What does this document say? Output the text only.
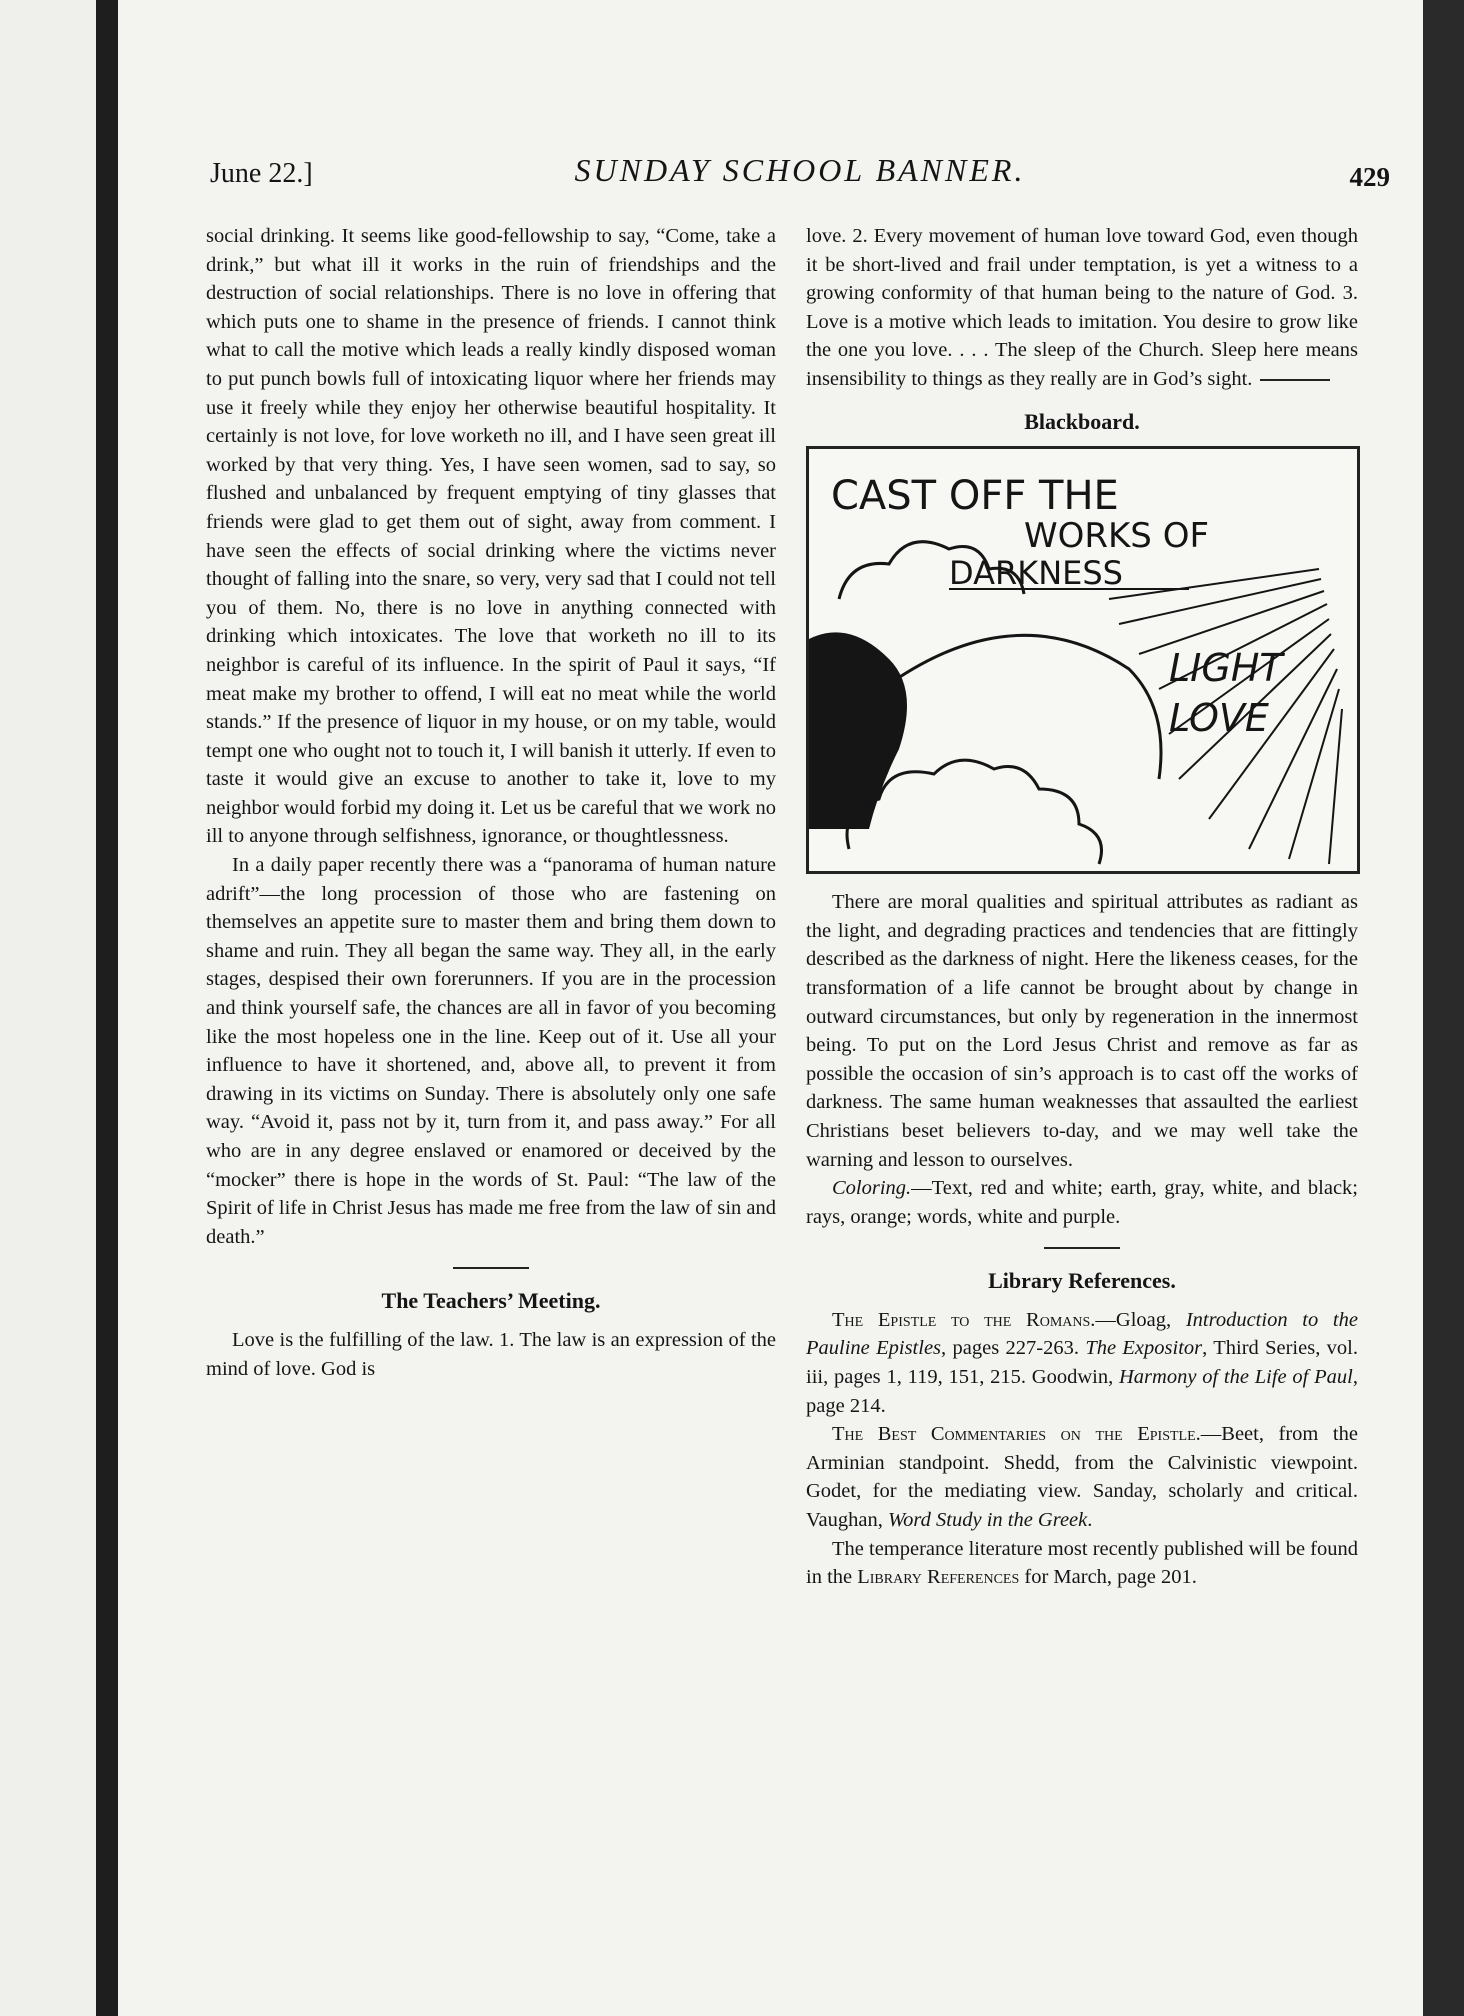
June 22.]	SUNDAY SCHOOL BANNER.	429

social drinking. It seems like good-fellowship to say, “Come, take a drink,” but what ill it works in the ruin of friendships and the destruction of social relationships. There is no love in offering that which puts one to shame in the presence of friends. I cannot think what to call the motive which leads a really kindly disposed woman to put punch bowls full of intoxicating liquor where her friends may use it freely while they enjoy her otherwise beautiful hospitality. It certainly is not love, for love worketh no ill, and I have seen great ill worked by that very thing. Yes, I have seen women, sad to say, so flushed and unbalanced by frequent emptying of tiny glasses that friends were glad to get them out of sight, away from comment. I have seen the effects of social drinking where the victims never thought of falling into the snare, so very, very sad that I could not tell you of them. No, there is no love in anything connected with drinking which intoxicates. The love that worketh no ill to its neighbor is careful of its influence. In the spirit of Paul it says, “If meat make my brother to offend, I will eat no meat while the world stands.” If the presence of liquor in my house, or on my table, would tempt one who ought not to touch it, I will banish it utterly. If even to taste it would give an excuse to another to take it, love to my neighbor would forbid my doing it. Let us be careful that we work no ill to anyone through selfishness, ignorance, or thoughtlessness.

In a daily paper recently there was a “panorama of human nature adrift”—the long procession of those who are fastening on themselves an appetite sure to master them and bring them down to shame and ruin. They all began the same way. They all, in the early stages, despised their own forerunners. If you are in the procession and think yourself safe, the chances are all in favor of you becoming like the most hopeless one in the line. Keep out of it. Use all your influence to have it shortened, and, above all, to prevent it from drawing in its victims on Sunday. There is absolutely only one safe way. “Avoid it, pass not by it, turn from it, and pass away.” For all who are in any degree enslaved or enamored or deceived by the “mocker” there is hope in the words of St. Paul: “The law of the Spirit of life in Christ Jesus has made me free from the law of sin and death.”

The Teachers’ Meeting.

Love is the fulfilling of the law. 1. The law is an expression of the mind of love. God is

love. 2. Every movement of human love toward God, even though it be short-lived and frail under temptation, is yet a witness to a growing conformity of that human being to the nature of God. 3. Love is a motive which leads to imitation. You desire to grow like the one you love. . . . The sleep of the Church. Sleep here means insensibility to things as they really are in God’s sight.

Blackboard.
CAST OFF THE
WORKS OF
DARKNESS
LIGHT
LOVE

There are moral qualities and spiritual attributes as radiant as the light, and degrading practices and tendencies that are fittingly described as the darkness of night. Here the likeness ceases, for the transformation of a life cannot be brought about by change in outward circumstances, but only by regeneration in the innermost being. To put on the Lord Jesus Christ and remove as far as possible the occasion of sin’s approach is to cast off the works of darkness. The same human weaknesses that assaulted the earliest Christians beset believers to-day, and we may well take the warning and lesson to ourselves.

Coloring.—Text, red and white; earth, gray, white, and black; rays, orange; words, white and purple.

Library References.

The Epistle to the Romans.—Gloag, Introduction to the Pauline Epistles, pages 227-263. The Expositor, Third Series, vol. iii, pages 1, 119, 151, 215. Goodwin, Harmony of the Life of Paul, page 214.

The Best Commentaries on the Epistle.—Beet, from the Arminian standpoint. Shedd, from the Calvinistic viewpoint. Godet, for the mediating view. Sanday, scholarly and critical. Vaughan, Word Study in the Greek.

The temperance literature most recently published will be found in the Library References for March, page 201.
